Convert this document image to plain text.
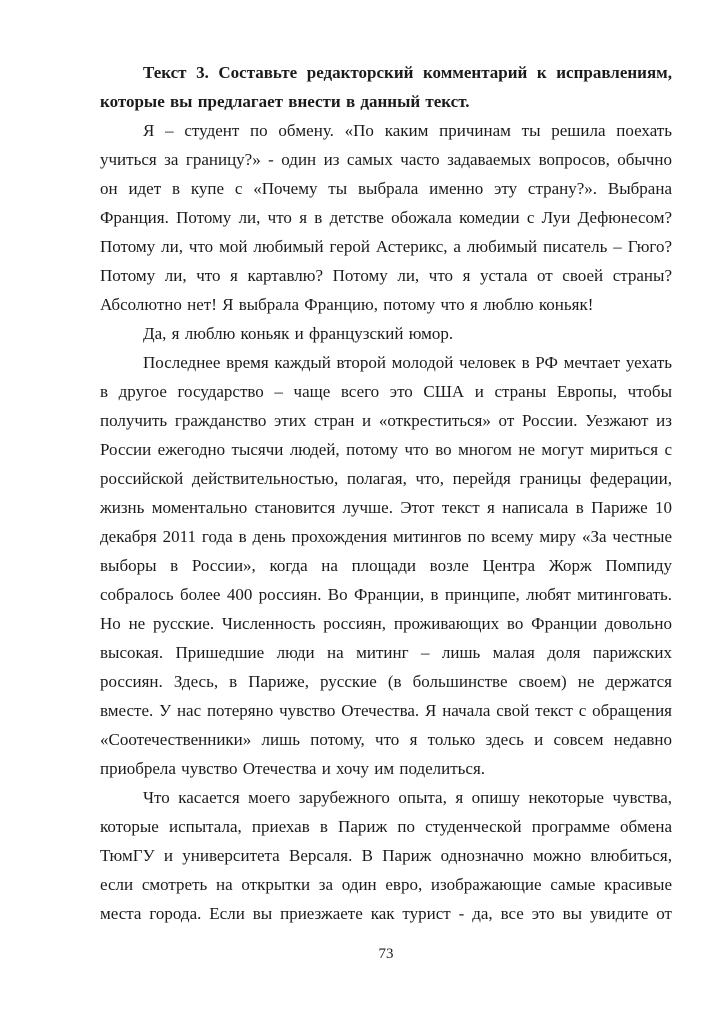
Текст 3. Составьте редакторский комментарий к исправлениям, которые вы предлагает внести в данный текст.

Я – студент по обмену. «По каким причинам ты решила поехать учиться за границу?» - один из самых часто задаваемых вопросов, обычно он идет в купе с «Почему ты выбрала именно эту страну?». Выбрана Франция. Потому ли, что я в детстве обожала комедии с Луи Дефюнесом? Потому ли, что мой любимый герой Астерикс, а любимый писатель – Гюго? Потому ли, что я картавлю? Потому ли, что я устала от своей страны? Абсолютно нет! Я выбрала Францию, потому что я люблю коньяк!

Да, я люблю коньяк и французский юмор.

Последнее время каждый второй молодой человек в РФ мечтает уехать в другое государство – чаще всего это США и страны Европы, чтобы получить гражданство этих стран и «откреститься» от России. Уезжают из России ежегодно тысячи людей, потому что во многом не могут мириться с российской действительностью, полагая, что, перейдя границы федерации, жизнь моментально становится лучше. Этот текст я написала в Париже 10 декабря 2011 года в день прохождения митингов по всему миру «За честные выборы в России», когда на площади возле Центра Жорж Помпиду собралось более 400 россиян. Во Франции, в принципе, любят митинговать. Но не русские. Численность россиян, проживающих во Франции довольно высокая. Пришедшие люди на митинг – лишь малая доля парижских россиян. Здесь, в Париже, русские (в большинстве своем) не держатся вместе. У нас потеряно чувство Отечества. Я начала свой текст с обращения «Соотечественники» лишь потому, что я только здесь и совсем недавно приобрела чувство Отечества и хочу им поделиться.

Что касается моего зарубежного опыта, я опишу некоторые чувства, которые испытала, приехав в Париж по студенческой программе обмена ТюмГУ и университета Версаля. В Париж однозначно можно влюбиться, если смотреть на открытки за один евро, изображающие самые красивые места города. Если вы приезжаете как турист - да, все это вы увидите от

73
